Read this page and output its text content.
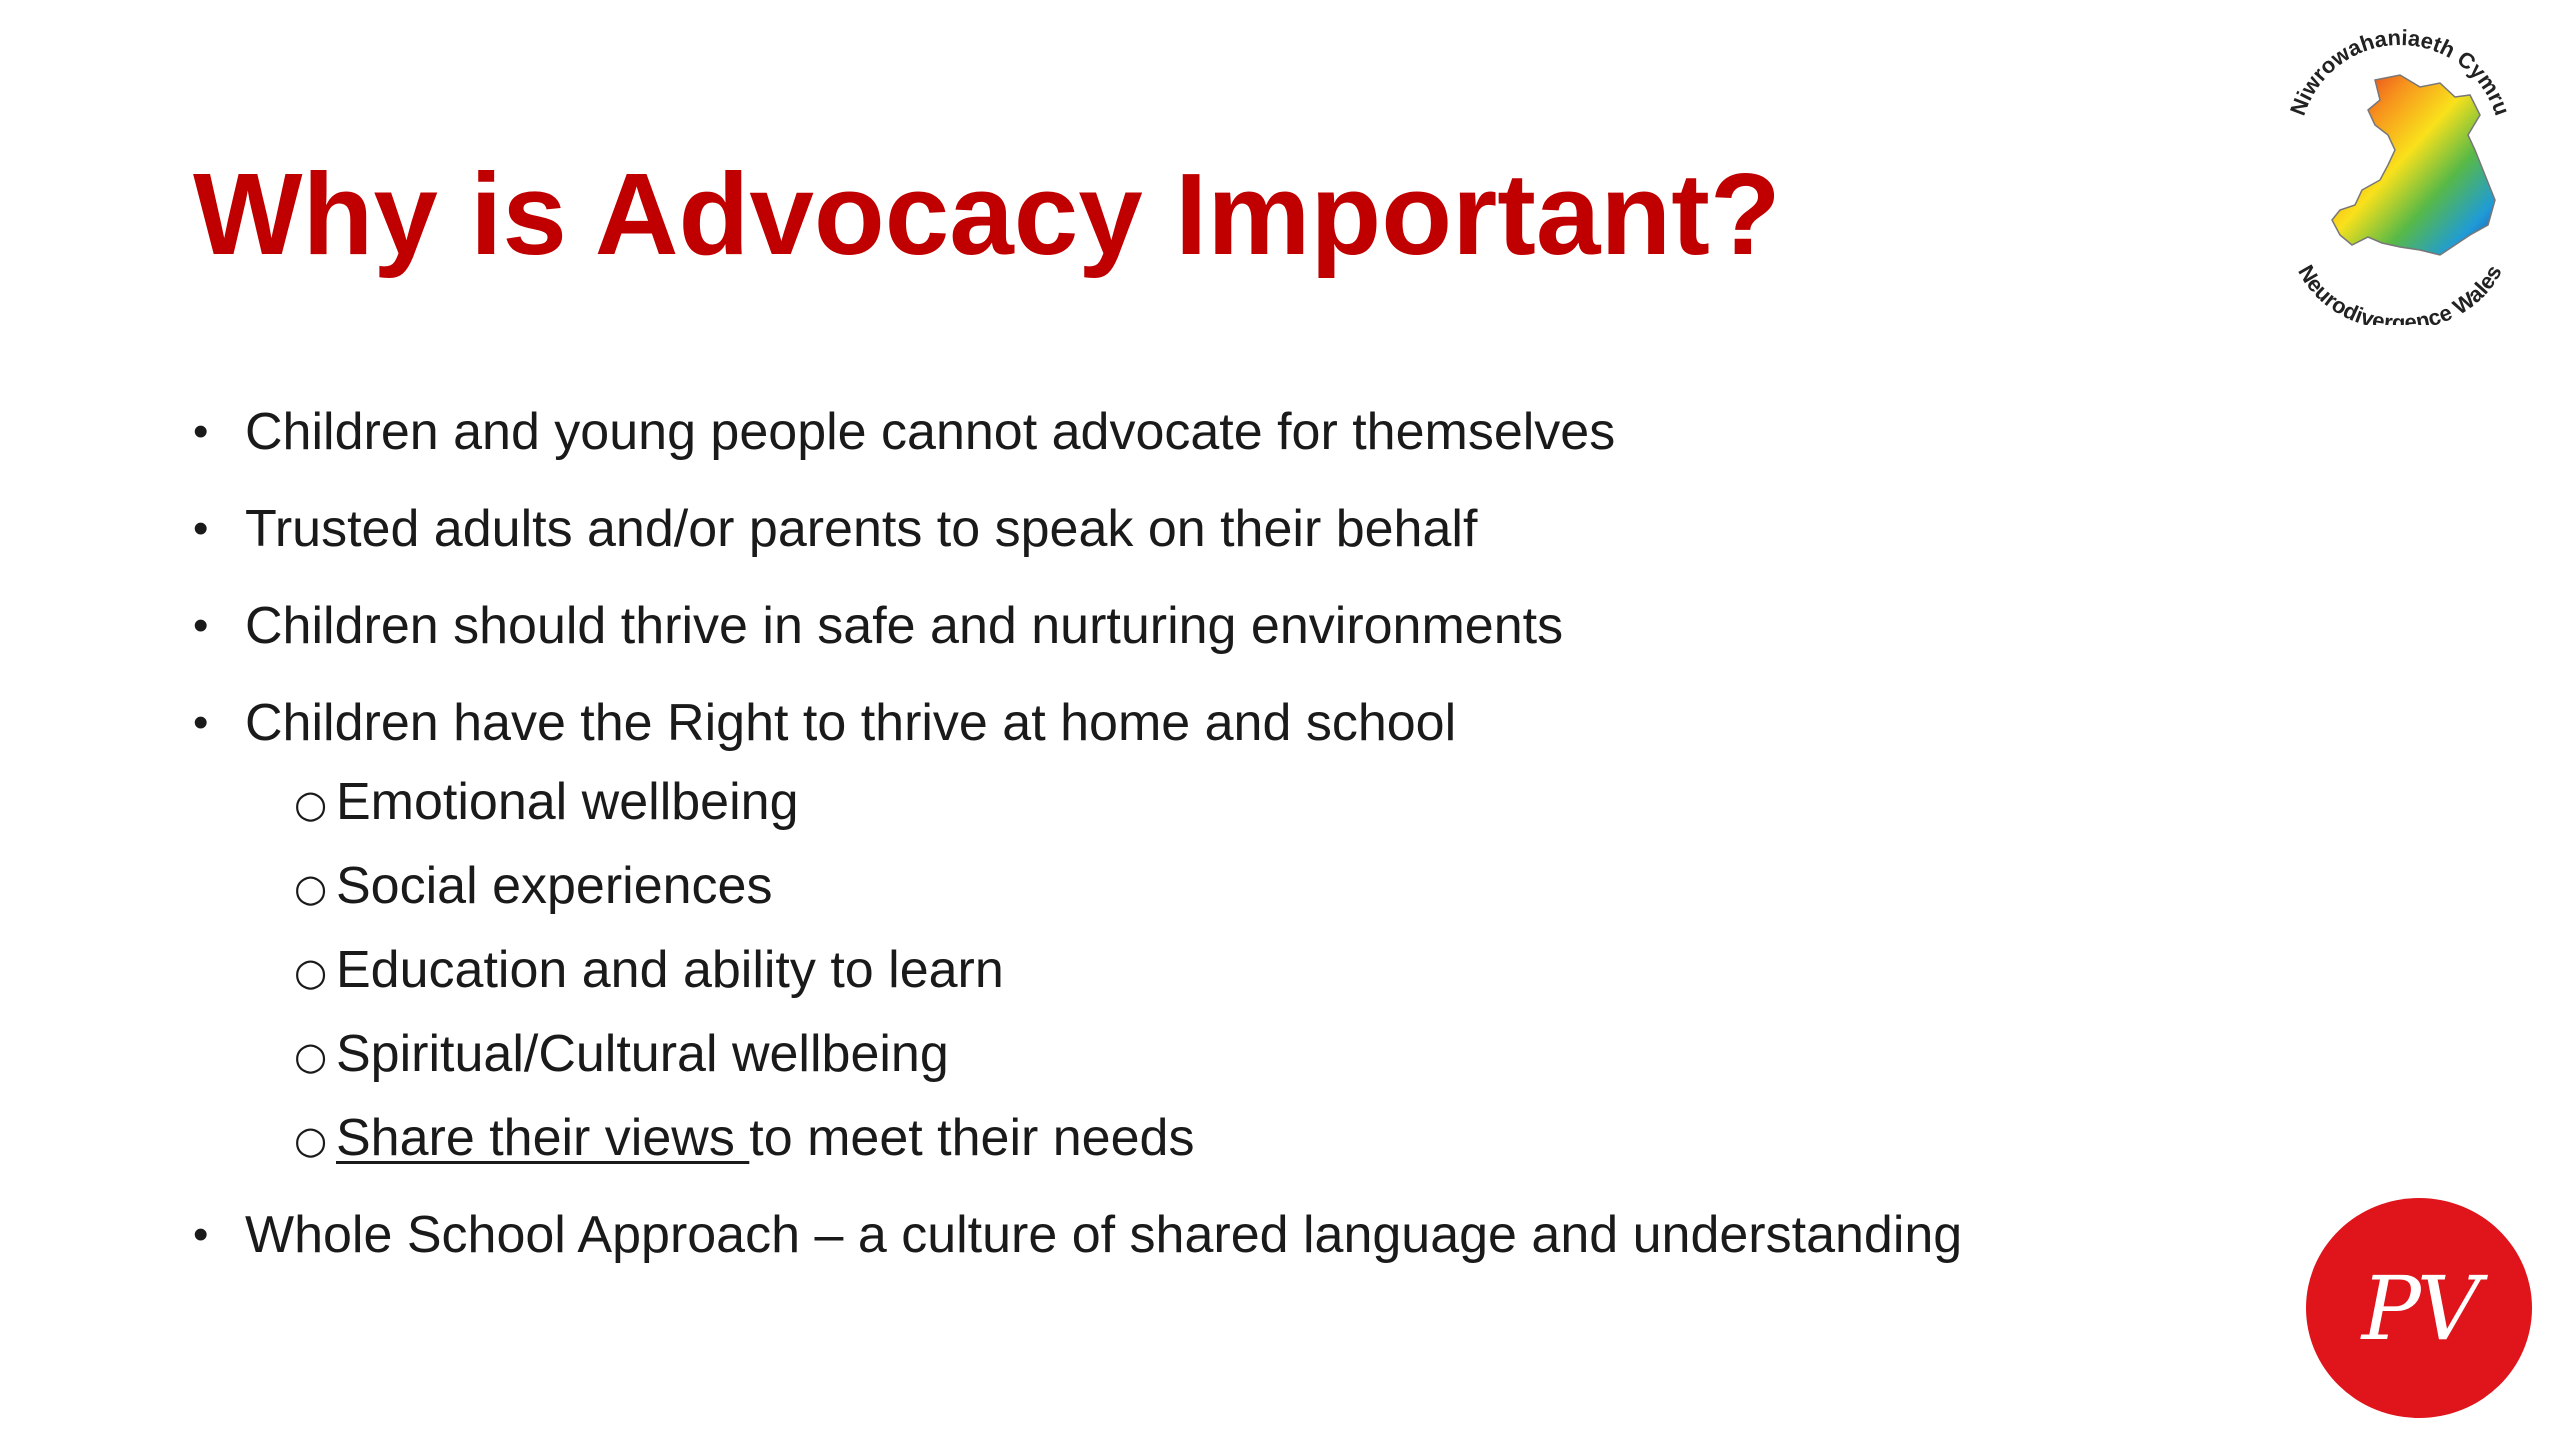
Why is Advocacy Important?
Niwrowahaniaeth Cymru
Neurodivergence Wales
• Children and young people cannot advocate for themselves
• Trusted adults and/or parents to speak on their behalf
• Children should thrive in safe and nurturing environments
• Children have the Right to thrive at home and school
○ Emotional wellbeing
○ Social experiences
○ Education and ability to learn
○ Spiritual/Cultural wellbeing
○ Share their views to meet their needs
• Whole School Approach – a culture of shared language and understanding
PV
